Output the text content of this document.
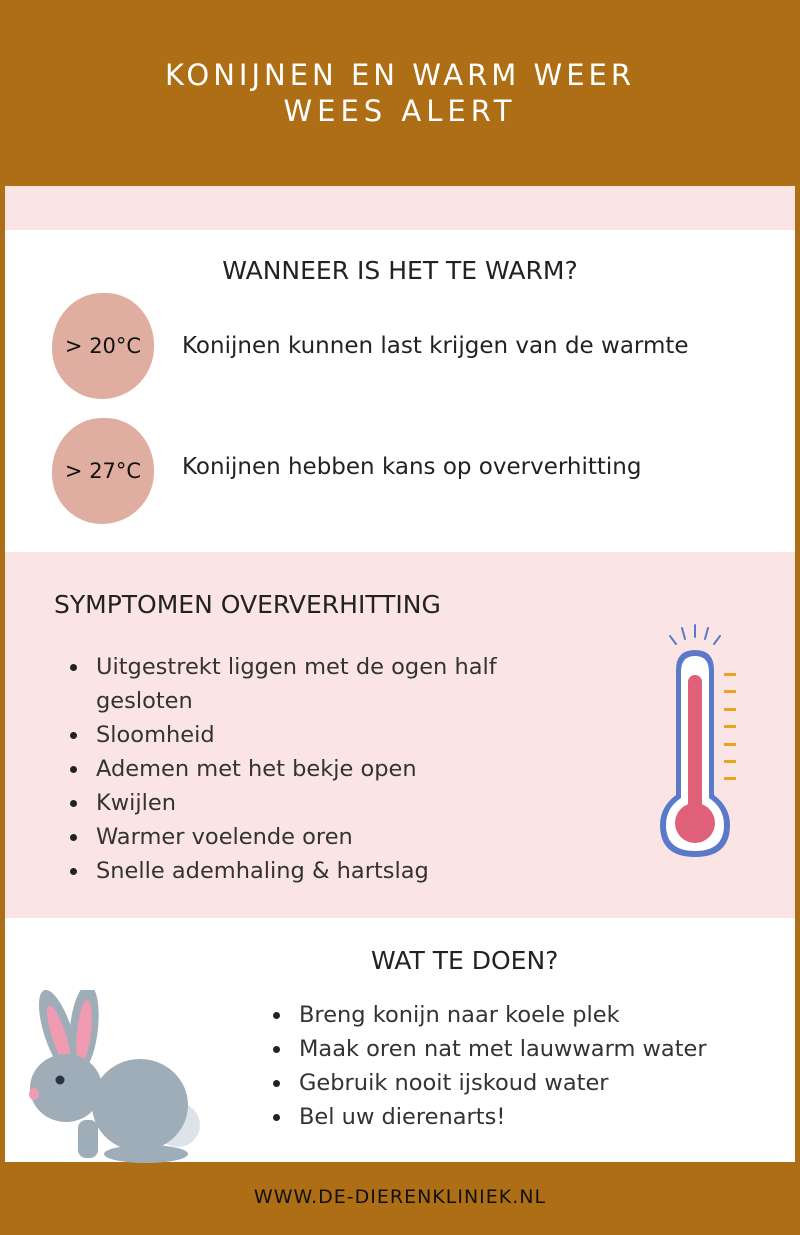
KONIJNEN EN WARM WEER
WEES ALERT
WANNEER IS HET TE WARM?
> 20°C	Konijnen kunnen last krijgen van de warmte
> 27°C	Konijnen hebben kans op oververhitting
SYMPTOMEN OVERVERHITTING
Uitgestrekt liggen met de ogen half gesloten
Sloomheid
Ademen met het bekje open
Kwijlen
Warmer voelende oren
Snelle ademhaling & hartslag
WAT TE DOEN?
Breng konijn naar koele plek
Maak oren nat met lauwwarm water
Gebruik nooit ijskoud water
Bel uw dierenarts!
WWW.DE-DIERENKLINIEK.NL
